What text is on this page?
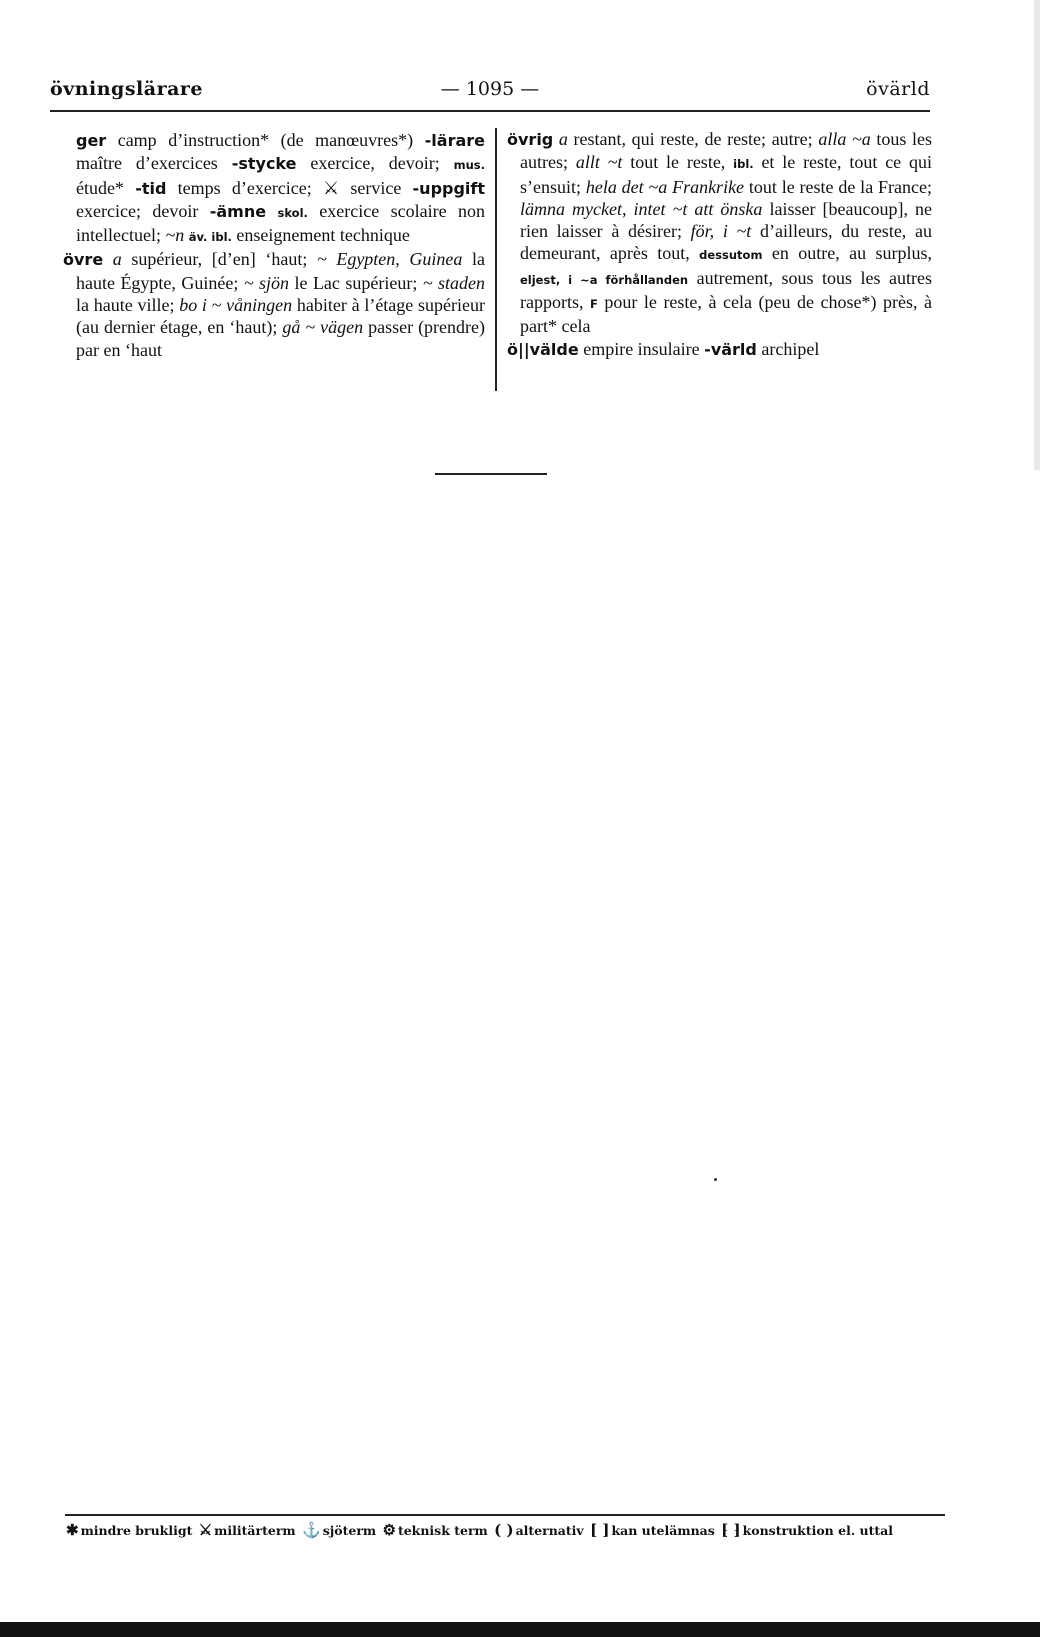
övningslärare	— 1095 —	övärld

ger camp d’instruction* (de manœuvres*) -lärare maître d’exercices -stycke exercice, devoir; mus. étude* -tid temps d’exercice; ⚔ service -uppgift exercice; devoir -ämne skol. exercice scolaire non intellectuel; ~n äv. ibl. enseignement technique

övre a supérieur, [d’en] ‘haut; ~ Egypten, Guinea la haute Égypte, Guinée; ~ sjön le Lac supérieur; ~ staden la haute ville; bo i ~ våningen habiter à l’étage supérieur (au dernier étage, en ‘haut); gå ~ vägen passer (prendre) par en ‘haut

övrig a restant, qui reste, de reste; autre; alla ~a tous les autres; allt ~t tout le reste, ibl. et le reste, tout ce qui s’ensuit; hela det ~a Frankrike tout le reste de la France; lämna mycket, intet ~t att önska laisser [beaucoup], ne rien laisser à désirer; för, i ~t d’ailleurs, du reste, au demeurant, après tout, dessutom en outre, au surplus, eljest, i ~a förhållanden autrement, sous tous les autres rapports, F pour le reste, à cela (peu de chose*) près, à part* cela

ö||välde empire insulaire -värld archipel

✱ mindre brukligt ⚔ militärterm ⚓ sjöterm ⚙ teknisk term ( ) alternativ [ ] kan utelämnas ⁅ ⁆ konstruktion el. uttal
